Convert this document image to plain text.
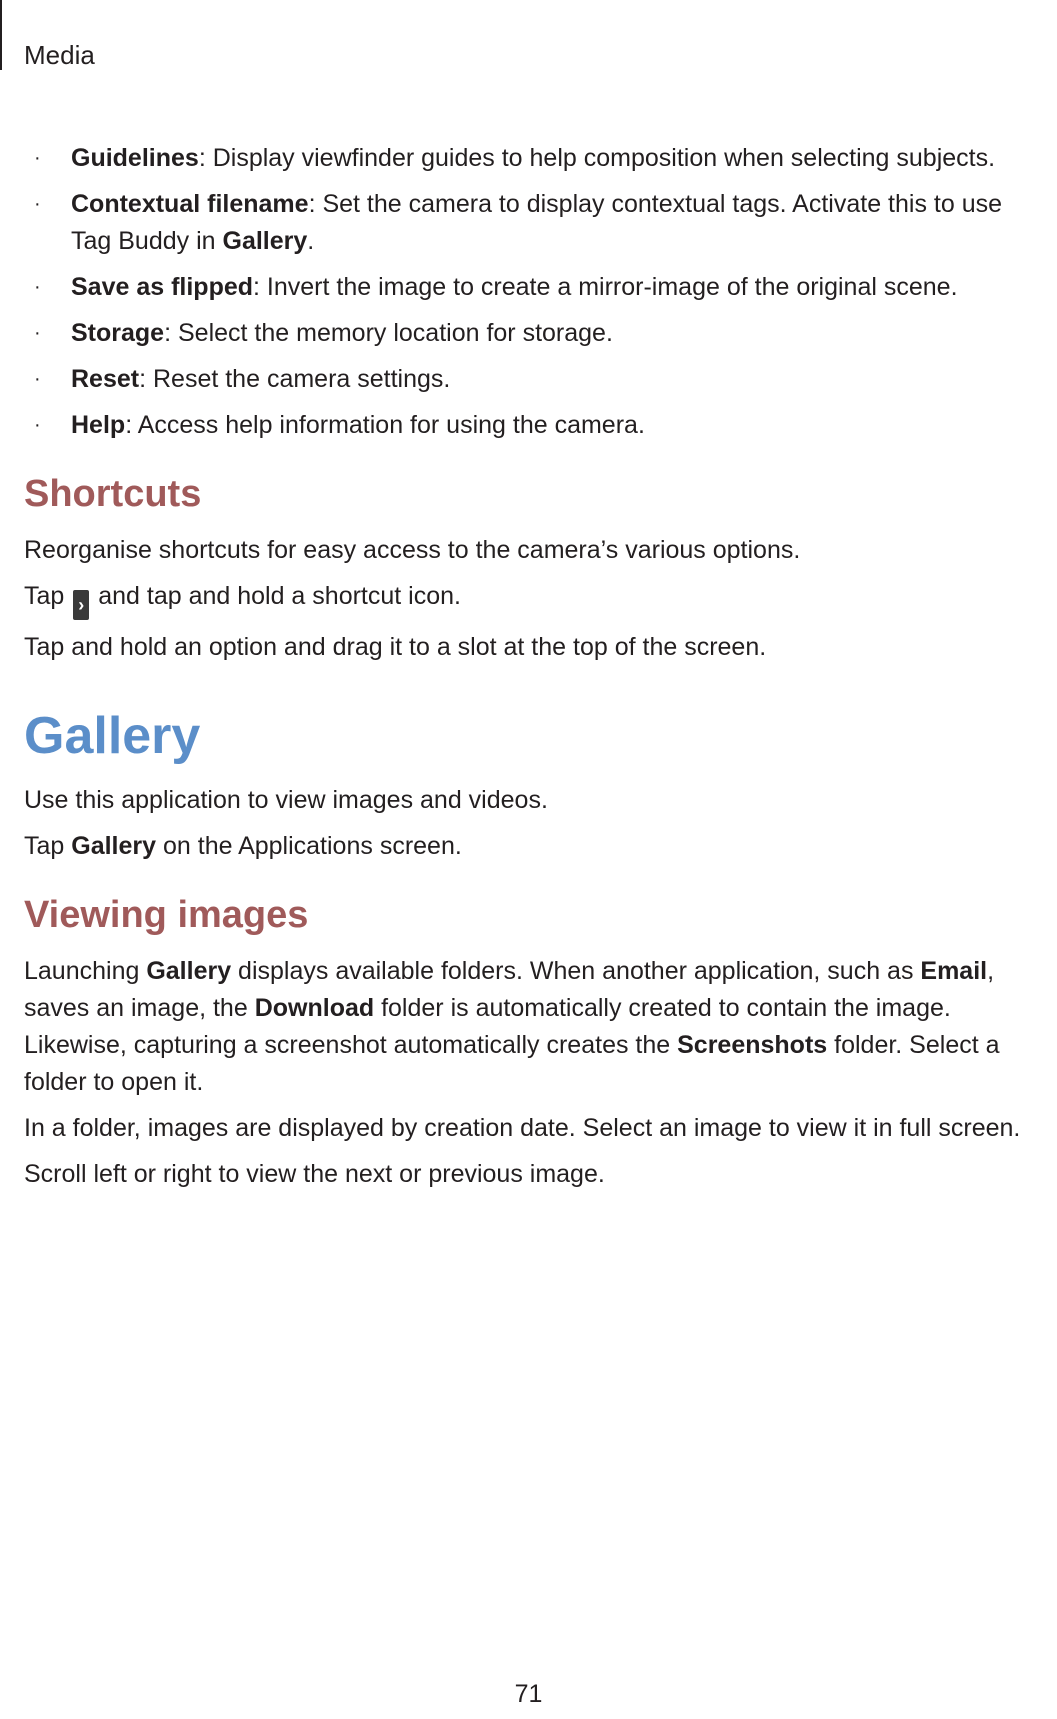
Media
· Guidelines: Display viewfinder guides to help composition when selecting subjects.
· Contextual filename: Set the camera to display contextual tags. Activate this to use Tag Buddy in Gallery.
· Save as flipped: Invert the image to create a mirror-image of the original scene.
· Storage: Select the memory location for storage.
· Reset: Reset the camera settings.
· Help: Access help information for using the camera.
Shortcuts

Reorganise shortcuts for easy access to the camera’s various options.

Tap › and tap and hold a shortcut icon.

Tap and hold an option and drag it to a slot at the top of the screen.

Gallery

Use this application to view images and videos.

Tap Gallery on the Applications screen.

Viewing images

Launching Gallery displays available folders. When another application, such as Email, saves an image, the Download folder is automatically created to contain the image. Likewise, capturing a screenshot automatically creates the Screenshots folder. Select a folder to open it.

In a folder, images are displayed by creation date. Select an image to view it in full screen.

Scroll left or right to view the next or previous image.

71
